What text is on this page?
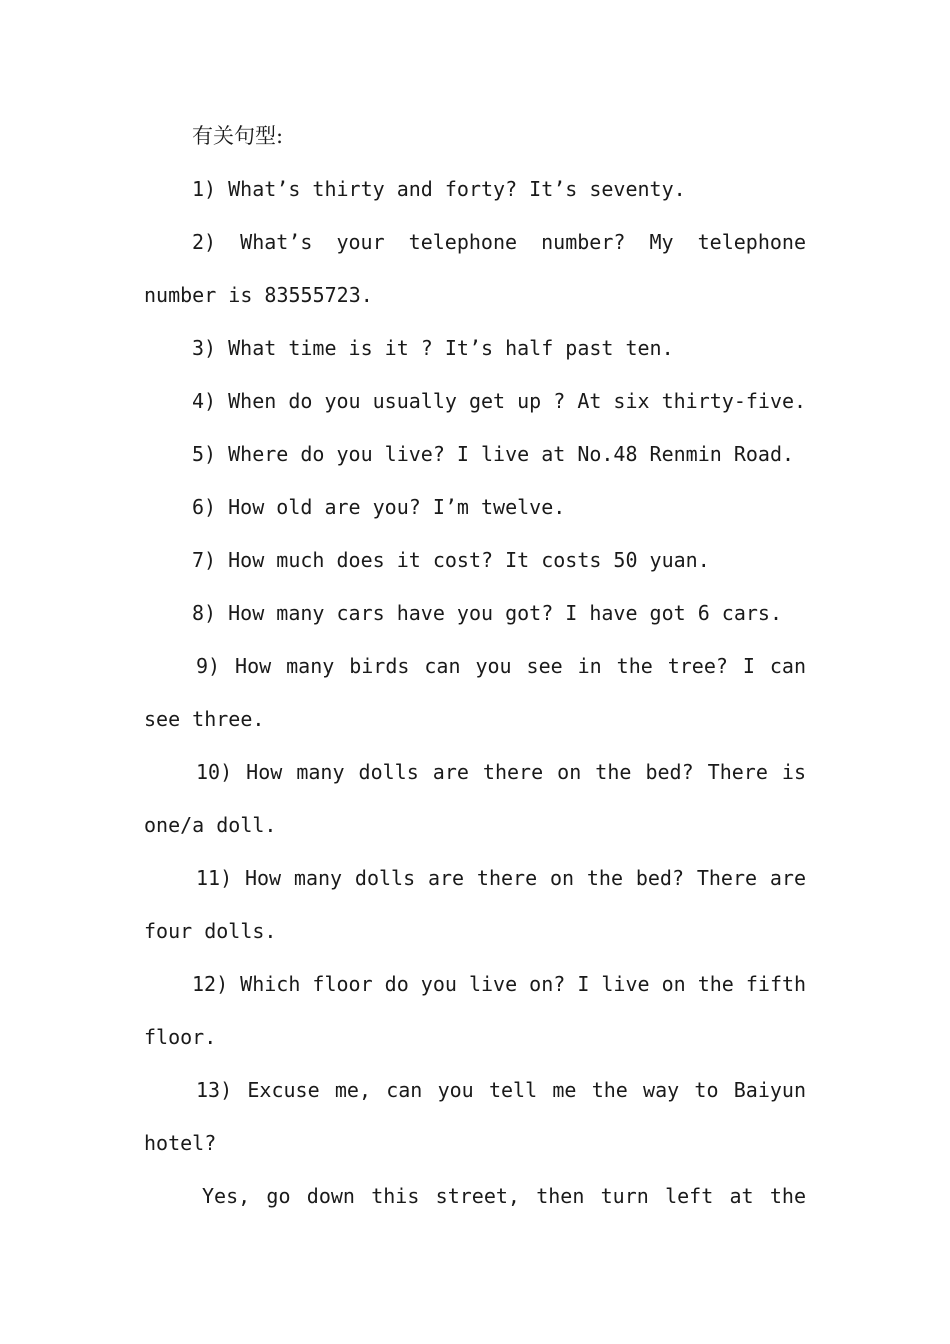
有关句型:
1) What’s thirty and forty? It’s seventy.
2) What’s your telephone number? My telephone
number is 83555723.
3) What time is it ? It’s half past ten.
4) When do you usually get up ? At six thirty-five.
5) Where do you live? I live at No.48 Renmin Road.
6) How old are you? I’m twelve.
7) How much does it cost? It costs 50 yuan.
8) How many cars have you got? I have got 6 cars.
9) How many birds can you see in the tree? I can
see three.
10) How many dolls are there on the bed? There is
one/a doll.
11) How many dolls are there on the bed? There are
four dolls.
12) Which floor do you live on? I live on the fifth
floor.
13) Excuse me, can you tell me the way to Baiyun
hotel?
Yes, go down this street, then turn left at the
